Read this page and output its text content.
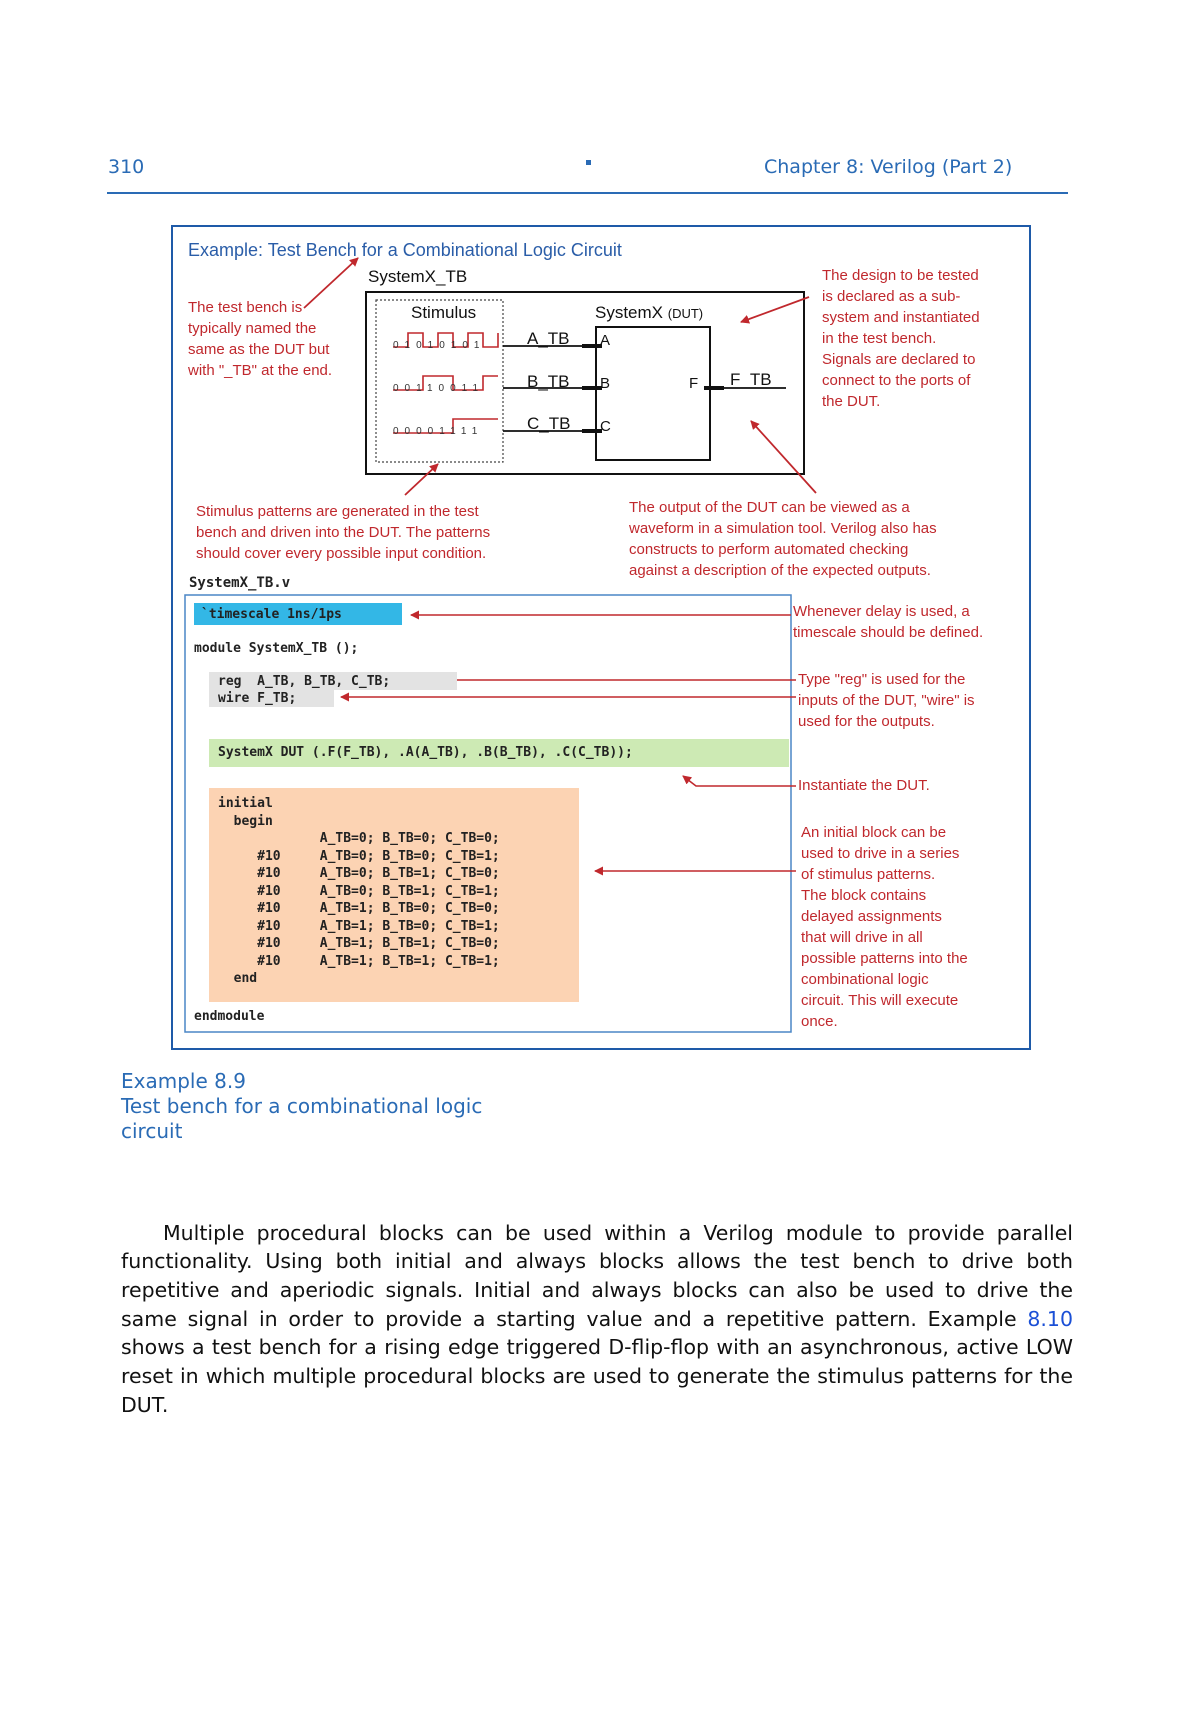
310	Chapter 8: Verilog (Part 2)
Example: Test Bench for a Combinational Logic Circuit
SystemX_TB
Stimulus	SystemX (DUT)
01010101
00110011
00001111
A_TB
B_TB
C_TB
A
B
C
F F_TB
The test bench is
typically named the
same as the DUT but
with "_TB" at the end.
The design to be tested
is declared as a sub-
system and instantiated
in the test bench.
Signals are declared to
connect to the ports of
the DUT.
Stimulus patterns are generated in the test
bench and driven into the DUT. The patterns
should cover every possible input condition.
The output of the DUT can be viewed as a
waveform in a simulation tool. Verilog also has
constructs to perform automated checking
against a description of the expected outputs.
Whenever delay is used, a
timescale should be defined.
Type "reg" is used for the
inputs of the DUT, "wire" is
used for the outputs.
Instantiate the DUT.
An initial block can be
used to drive in a series
of stimulus patterns.
The block contains
delayed assignments
that will drive in all
possible patterns into the
combinational logic
circuit. This will execute
once.
SystemX_TB.v
`timescale 1ns/1ps
module SystemX_TB ();
reg  A_TB, B_TB, C_TB;
wire F_TB;
SystemX DUT (.F(F_TB), .A(A_TB), .B(B_TB), .C(C_TB));
initial
begin
A_TB=0; B_TB=0; C_TB=0;
#10     A_TB=0; B_TB=0; C_TB=1;
#10     A_TB=0; B_TB=1; C_TB=0;
#10     A_TB=0; B_TB=1; C_TB=1;
#10     A_TB=1; B_TB=0; C_TB=0;
#10     A_TB=1; B_TB=0; C_TB=1;
#10     A_TB=1; B_TB=1; C_TB=0;
#10     A_TB=1; B_TB=1; C_TB=1;
end
endmodule
Example 8.9
Test bench for a combinational logic
circuit

Multiple procedural blocks can be used within a Verilog module to provide parallel functionality. Using both initial and always blocks allows the test bench to drive both repetitive and aperiodic signals. Initial and always blocks can also be used to drive the same signal in order to provide a starting value and a repetitive pattern. Example 8.10 shows a test bench for a rising edge triggered D-flip-flop with an asynchronous, active LOW reset in which multiple procedural blocks are used to generate the stimulus patterns for the DUT.
